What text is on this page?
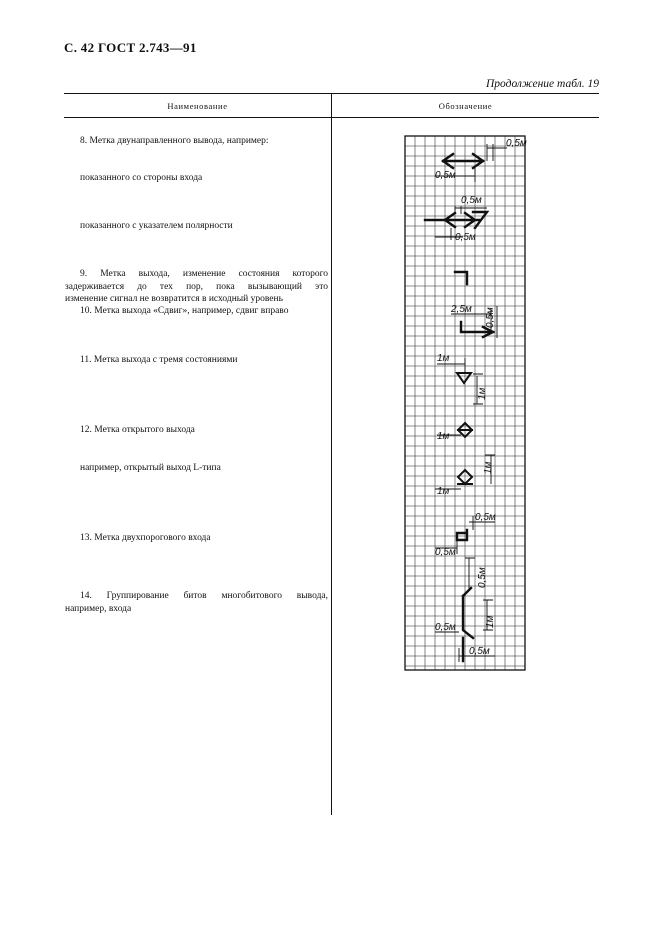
С. 42 ГОСТ 2.743—91
Продолжение табл. 19
Наименование	Обозначение
8. Метка двунаправленного вывода, например:
показанного со стороны входа
показанного с указателем полярности
9. Метка выхода, изменение состояния которого
задерживается до тех пор, пока вызывающий это
изменение сигнал не возвратится в исходный уровень
10. Метка выхода «Сдвиг», например, сдвиг вправо
11. Метка выхода с тремя состояниями
12. Метка открытого выхода
например, открытый выход L-типа
13. Метка двухпорогового входа
14. Группирование битов многобитового вывода,
например, входа
0,5м
0,5м
0,5м
0,5м
2,5м 0,5м
1м
1м
1м
1м
1м
0,5м
0,5м
0,5м
0,5м	1м
0,5м
